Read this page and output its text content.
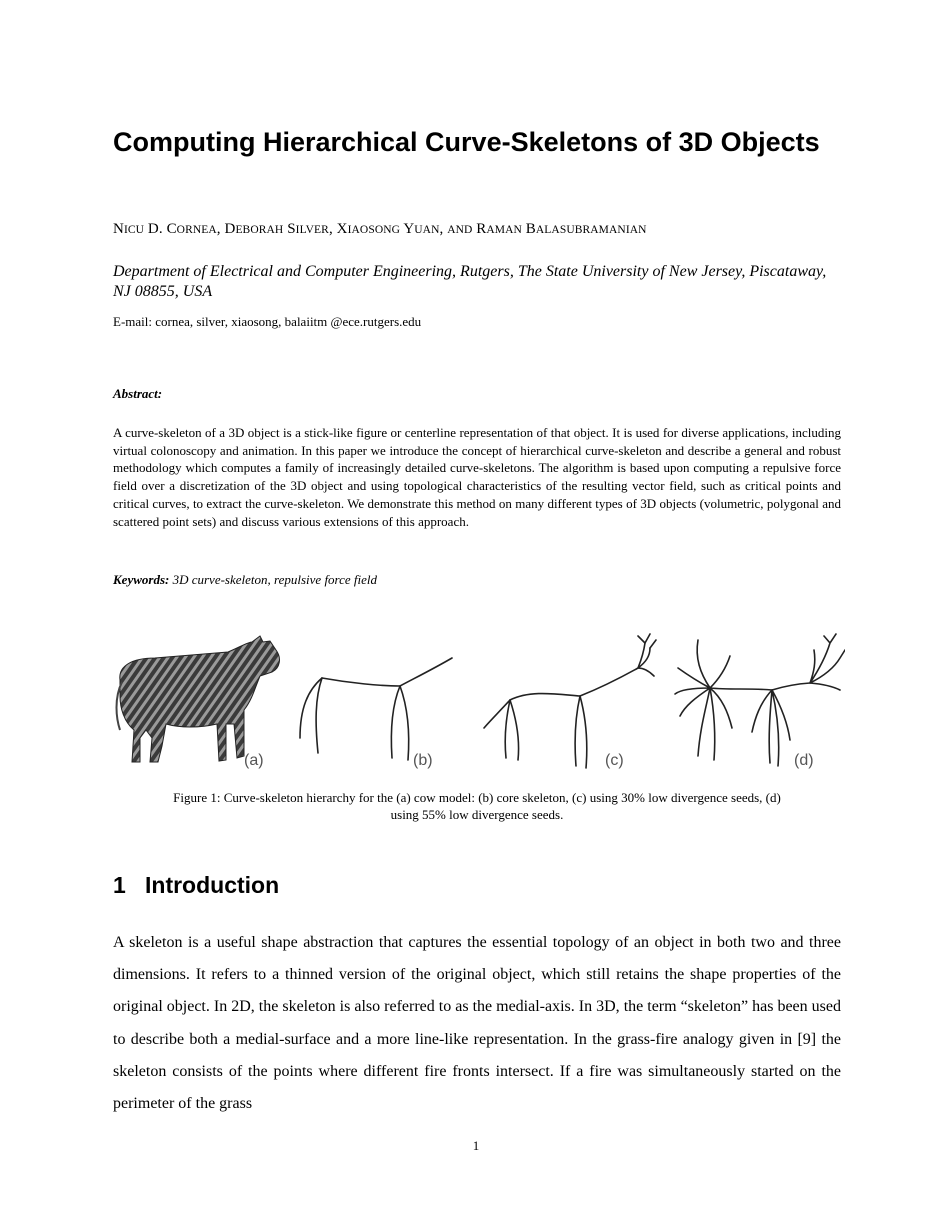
Computing Hierarchical Curve-Skeletons of 3D Objects
NICU D. CORNEA, DEBORAH SILVER, XIAOSONG YUAN, AND RAMAN BALASUBRAMANIAN
Department of Electrical and Computer Engineering, Rutgers, The State University of New Jersey, Piscataway, NJ 08855, USA
E-mail: cornea, silver, xiaosong, balaiitm @ece.rutgers.edu
Abstract:

A curve-skeleton of a 3D object is a stick-like figure or centerline representation of that object. It is used for diverse applications, including virtual colonoscopy and animation. In this paper we introduce the concept of hierarchical curve-skeleton and describe a general and robust methodology which computes a family of increasingly detailed curve-skeletons. The algorithm is based upon computing a repulsive force field over a discretization of the 3D object and using topological characteristics of the resulting vector field, such as critical points and critical curves, to extract the curve-skeleton. We demonstrate this method on many different types of 3D objects (volumetric, polygonal and scattered point sets) and discuss various extensions of this approach.

Keywords: 3D curve-skeleton, repulsive force field
(a)	(b)	(c)	(d)

Figure 1: Curve-skeleton hierarchy for the (a) cow model: (b) core skeleton, (c) using 30% low divergence seeds, (d)
using 55% low divergence seeds.

1 Introduction

A skeleton is a useful shape abstraction that captures the essential topology of an object in both two and three dimensions. It refers to a thinned version of the original object, which still retains the shape properties of the original object. In 2D, the skeleton is also referred to as the medial-axis. In 3D, the term “skeleton” has been used to describe both a medial-surface and a more line-like representation. In the grass-fire analogy given in [9] the skeleton consists of the points where different fire fronts intersect. If a fire was simultaneously started on the perimeter of the grass

1
